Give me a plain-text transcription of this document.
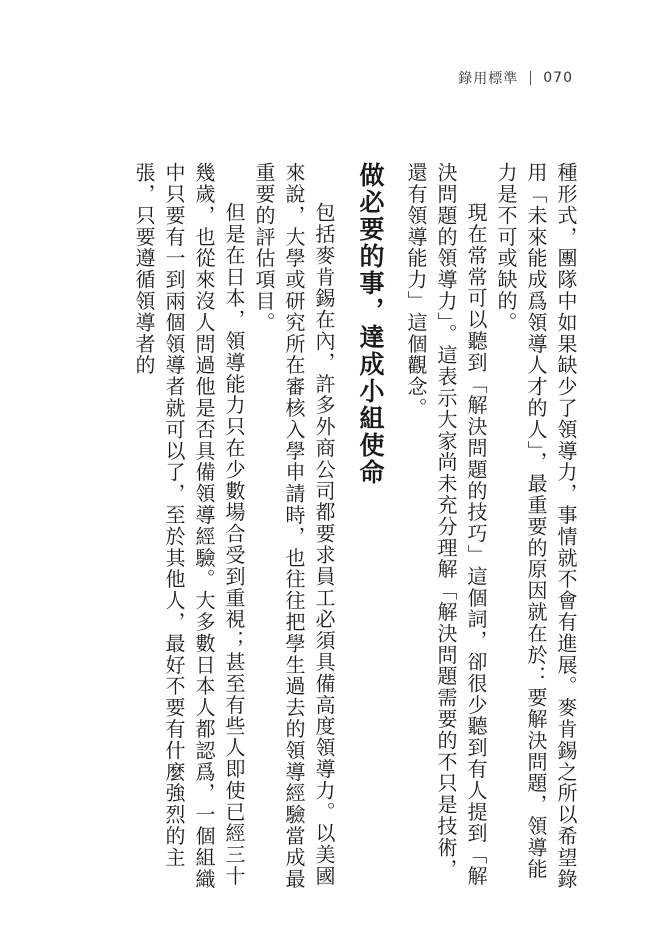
錄用標準 070

種形式，團隊中如果缺少了領導力，事情就不會有進展。麥肯錫之所以希望錄用「未來能成爲領導人才的人」，最重要的原因就在於：要解決問題，領導能力是不可或缺的。

現在常常可以聽到「解決問題的技巧」這個詞，卻很少聽到有人提到「解決問題的領導力」。這表示大家尚未充分理解「解決問題需要的不只是技術，還有領導能力」這個觀念。

做必要的事，達成小組使命

包括麥肯錫在內，許多外商公司都要求員工必須具備高度領導力。以美國來說，大學或研究所在審核入學申請時，也往往把學生過去的領導經驗當成最重要的評估項目。

但是在日本，領導能力只在少數場合受到重視；甚至有些人即使已經三十幾歲，也從來沒人問過他是否具備領導經驗。大多數日本人都認爲，一個組織中只要有一到兩個領導者就可以了，至於其他人，最好不要有什麼強烈的主張，只要遵循領導者的
